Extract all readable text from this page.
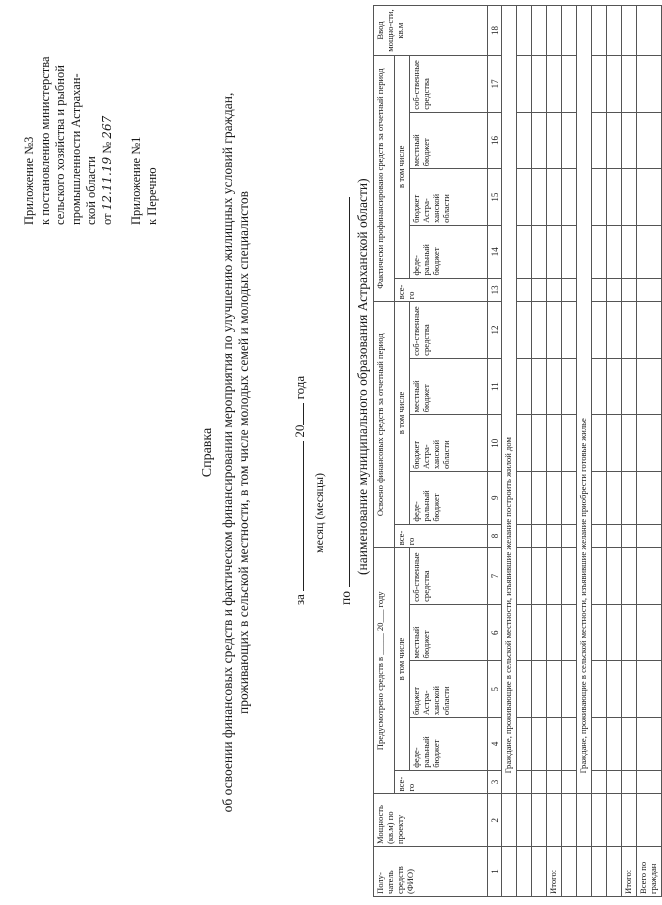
Приложение №3 к постановлению министерства сельского хозяйства и рыбной промышленности Астрахан- ской области от 12.11.19 № 267
Приложение №1 к Перечню
Справка об освоении финансовых средств и фактическом финансировании мероприятия по улучшению жилищных условий граждан, проживающих в сельской местности, в том числе молодых семей и молодых специалистов	за  20 года
месяц (месяцы)
по
(наименование муниципального образования Астраханской области)
Полу-чатель средств (ФИО)	Мощность (кв.м) по проекту	Предусмотрено средств в _____ 20___ году					Освоено финансовых средств за отчетный период					Фактически профинансировано средств за отчетный период					Ввод мощно-сти, кв.м
		все-го	в том числе				все-го	в том числе				все-го	в том числе				
			феде-ральный бюджет	бюджет Астра-ханской области	местный бюджет	соб-ственные средства		феде-ральный бюджет	бюджет Астра-ханской области	местный бюджет	соб-ственные средства		феде-ральный бюджет	бюджет Астра-ханской области	местный бюджет	соб-ственные средства	
1	2	3	4	5	6	7	8	9	10	11	12	13	14	15	16	17	18
		Граждане, проживающие в сельской местности, изъявившие желание построить жилой дом															

Итого:																	

		Граждане, проживающие в сельской местности, изъявившие желание приобрести готовые жилье															

Итого:																	
Всего по граждан																	
